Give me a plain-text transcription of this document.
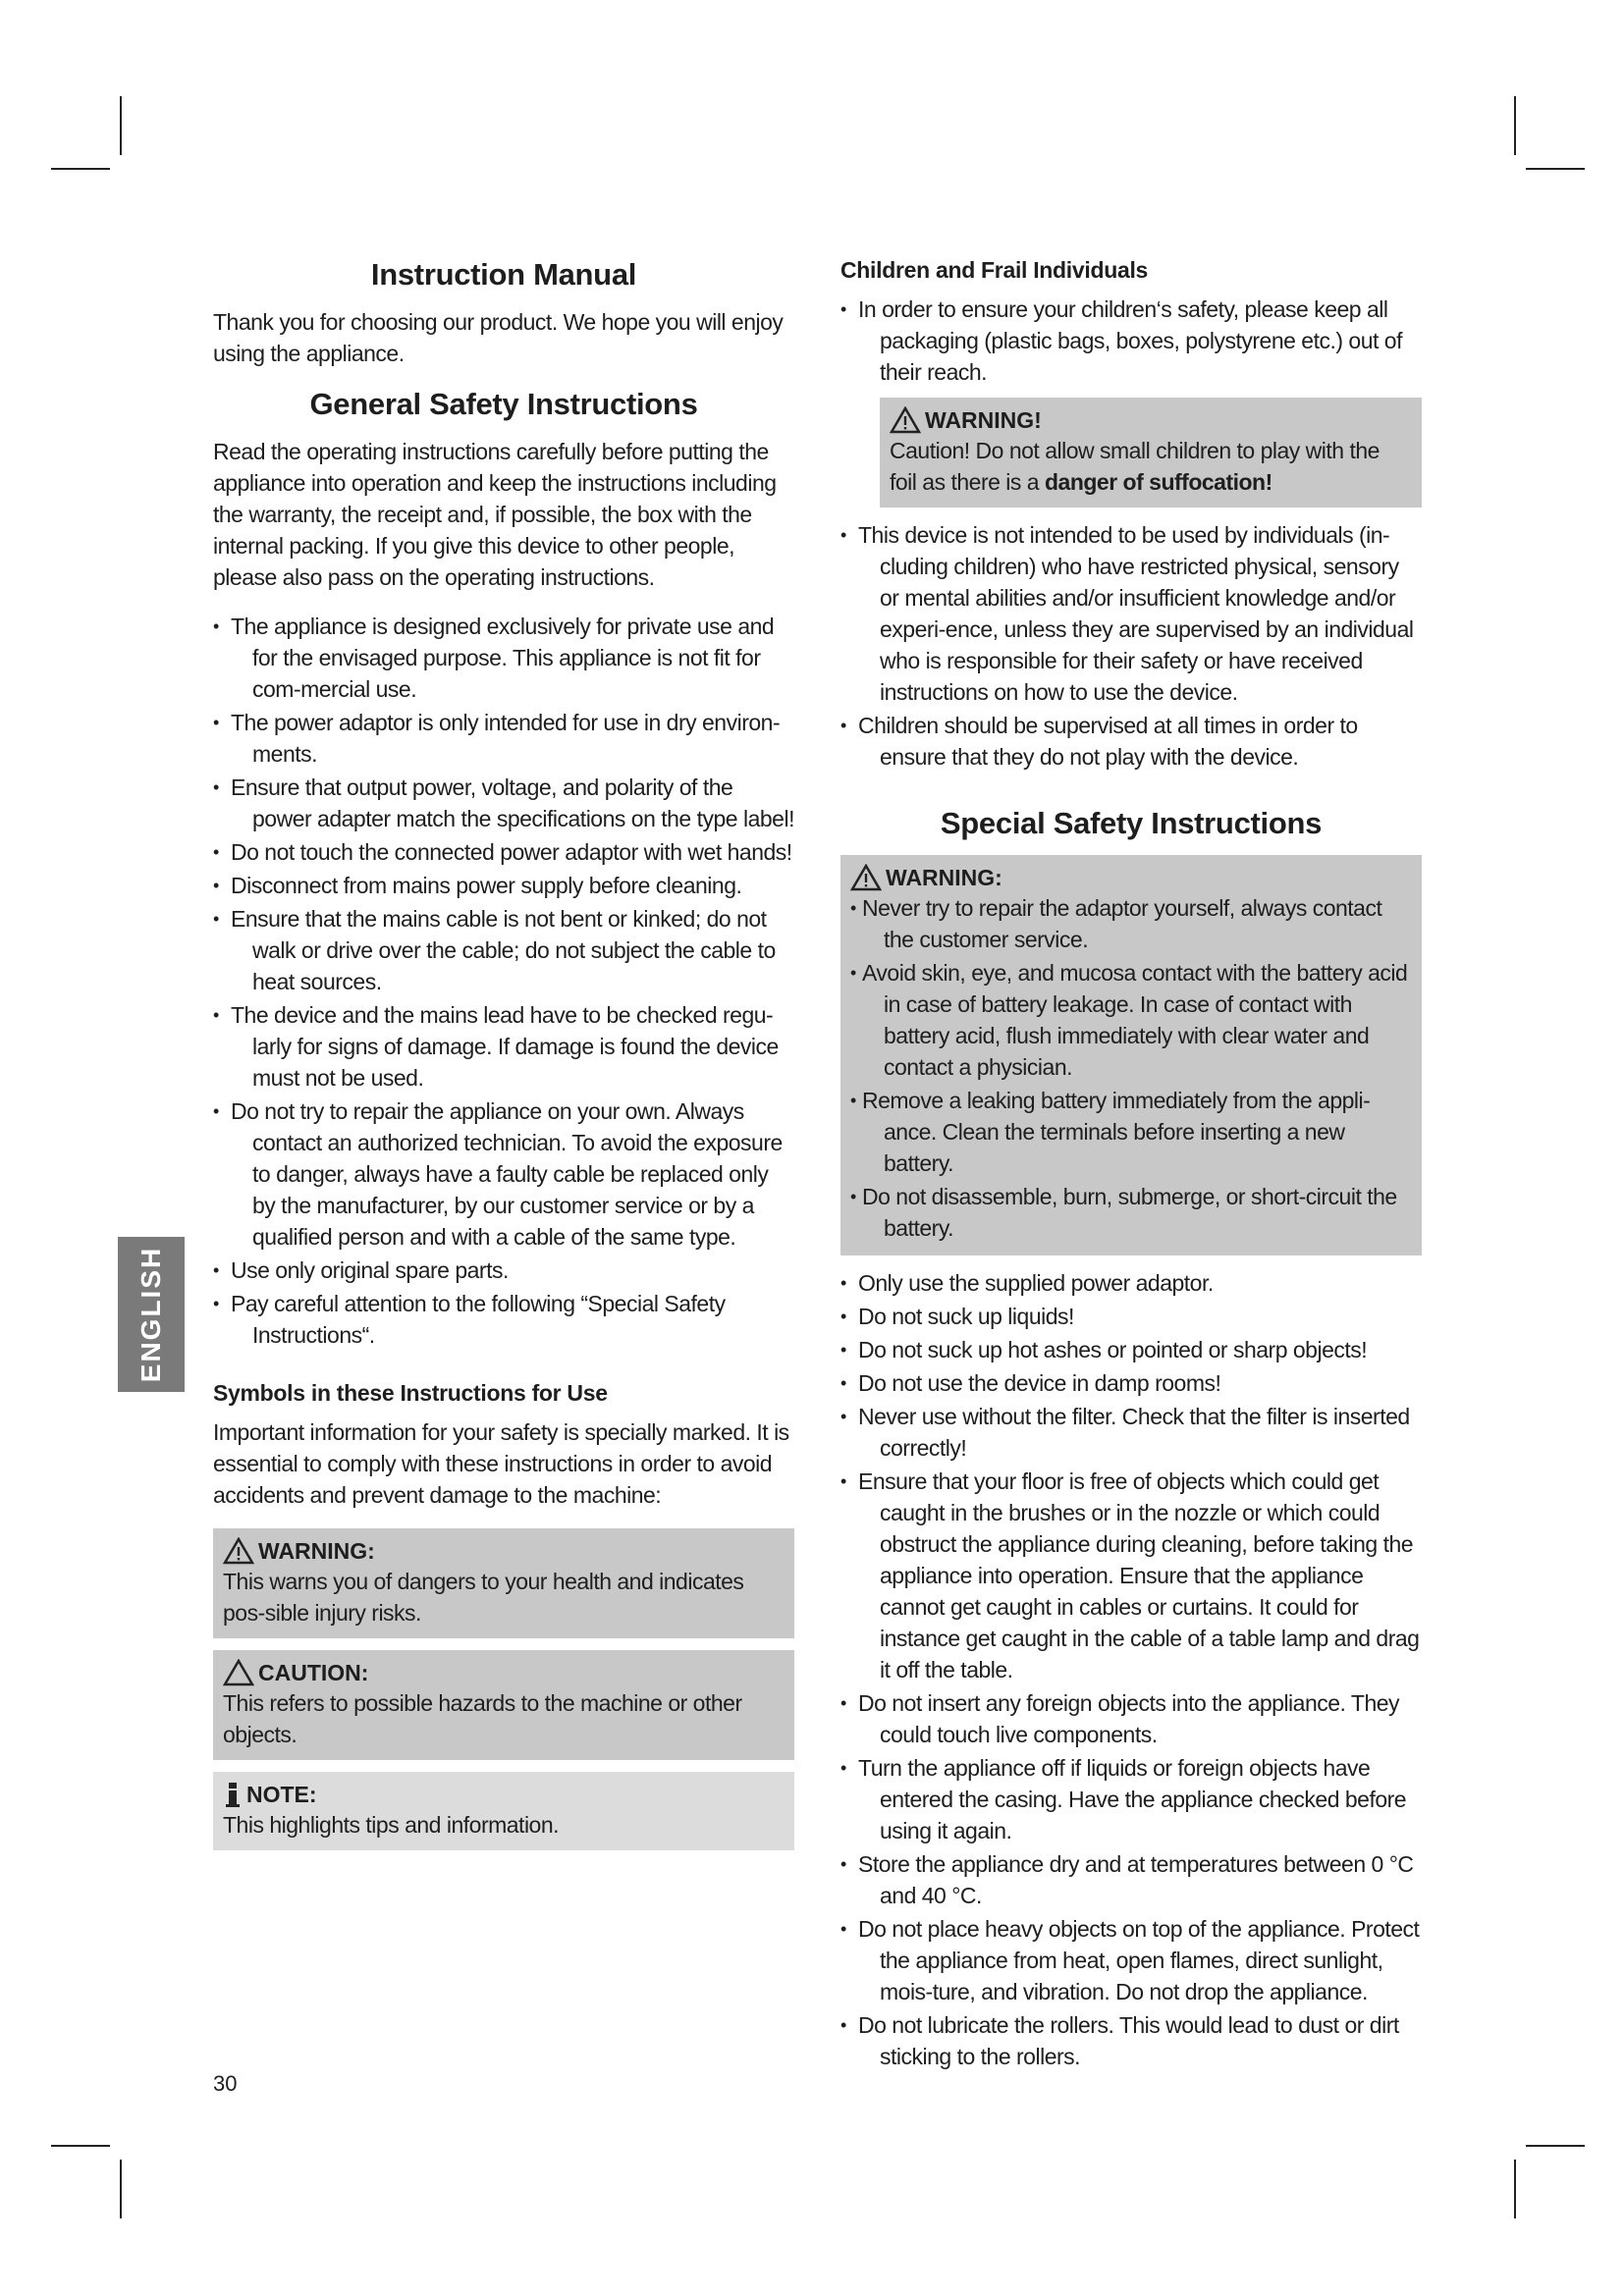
ENGLISH
Instruction Manual

Thank you for choosing our product. We hope you will enjoy using the appliance.

General Safety Instructions

Read the operating instructions carefully before putting the appliance into operation and keep the instructions including the warranty, the receipt and, if possible, the box with the internal packing. If you give this device to other people, please also pass on the operating instructions.

• The appliance is designed exclusively for private use and for the envisaged purpose. This appliance is not fit for com-mercial use.
• The power adaptor is only intended for use in dry environ-ments.
• Ensure that output power, voltage, and polarity of the power adapter match the specifications on the type label!
• Do not touch the connected power adaptor with wet hands!
• Disconnect from mains power supply before cleaning.
• Ensure that the mains cable is not bent or kinked; do not walk or drive over the cable; do not subject the cable to heat sources.
• The device and the mains lead have to be checked regu-larly for signs of damage. If damage is found the device must not be used.
• Do not try to repair the appliance on your own. Always contact an authorized technician. To avoid the exposure to danger, always have a faulty cable be replaced only by the manufacturer, by our customer service or by a qualified person and with a cable of the same type.
• Use only original spare parts.
• Pay careful attention to the following “Special Safety Instructions“.
Symbols in these Instructions for Use

Important information for your safety is specially marked. It is essential to comply with these instructions in order to avoid accidents and prevent damage to the machine:

WARNING:
This warns you of dangers to your health and indicates pos-sible injury risks.
CAUTION:
This refers to possible hazards to the machine or other objects.
NOTE:
This highlights tips and information.
Children and Frail Individuals
• In order to ensure your children‘s safety, please keep all packaging (plastic bags, boxes, polystyrene etc.) out of their reach.
WARNING!
Caution! Do not allow small children to play with the foil as there is a danger of suffocation!
• This device is not intended to be used by individuals (in-cluding children) who have restricted physical, sensory or mental abilities and/or insufficient knowledge and/or experi-ence, unless they are supervised by an individual who is responsible for their safety or have received instructions on how to use the device.
• Children should be supervised at all times in order to ensure that they do not play with the device.
Special Safety Instructions
WARNING:
• Never try to repair the adaptor yourself, always contact the customer service.
• Avoid skin, eye, and mucosa contact with the battery acid in case of battery leakage. In case of contact with battery acid, flush immediately with clear water and contact a physician.
• Remove a leaking battery immediately from the appli-ance. Clean the terminals before inserting a new battery.
• Do not disassemble, burn, submerge, or short-circuit the battery.
• Only use the supplied power adaptor.
• Do not suck up liquids!
• Do not suck up hot ashes or pointed or sharp objects!
• Do not use the device in damp rooms!
• Never use without the filter. Check that the filter is inserted correctly!
• Ensure that your floor is free of objects which could get caught in the brushes or in the nozzle or which could obstruct the appliance during cleaning, before taking the appliance into operation. Ensure that the appliance cannot get caught in cables or curtains. It could for instance get caught in the cable of a table lamp and drag it off the table.
• Do not insert any foreign objects into the appliance. They could touch live components.
• Turn the appliance off if liquids or foreign objects have entered the casing. Have the appliance checked before using it again.
• Store the appliance dry and at temperatures between 0 °C and 40 °C.
• Do not place heavy objects on top of the appliance. Protect the appliance from heat, open flames, direct sunlight, mois-ture, and vibration. Do not drop the appliance.
• Do not lubricate the rollers. This would lead to dust or dirt sticking to the rollers.
30
